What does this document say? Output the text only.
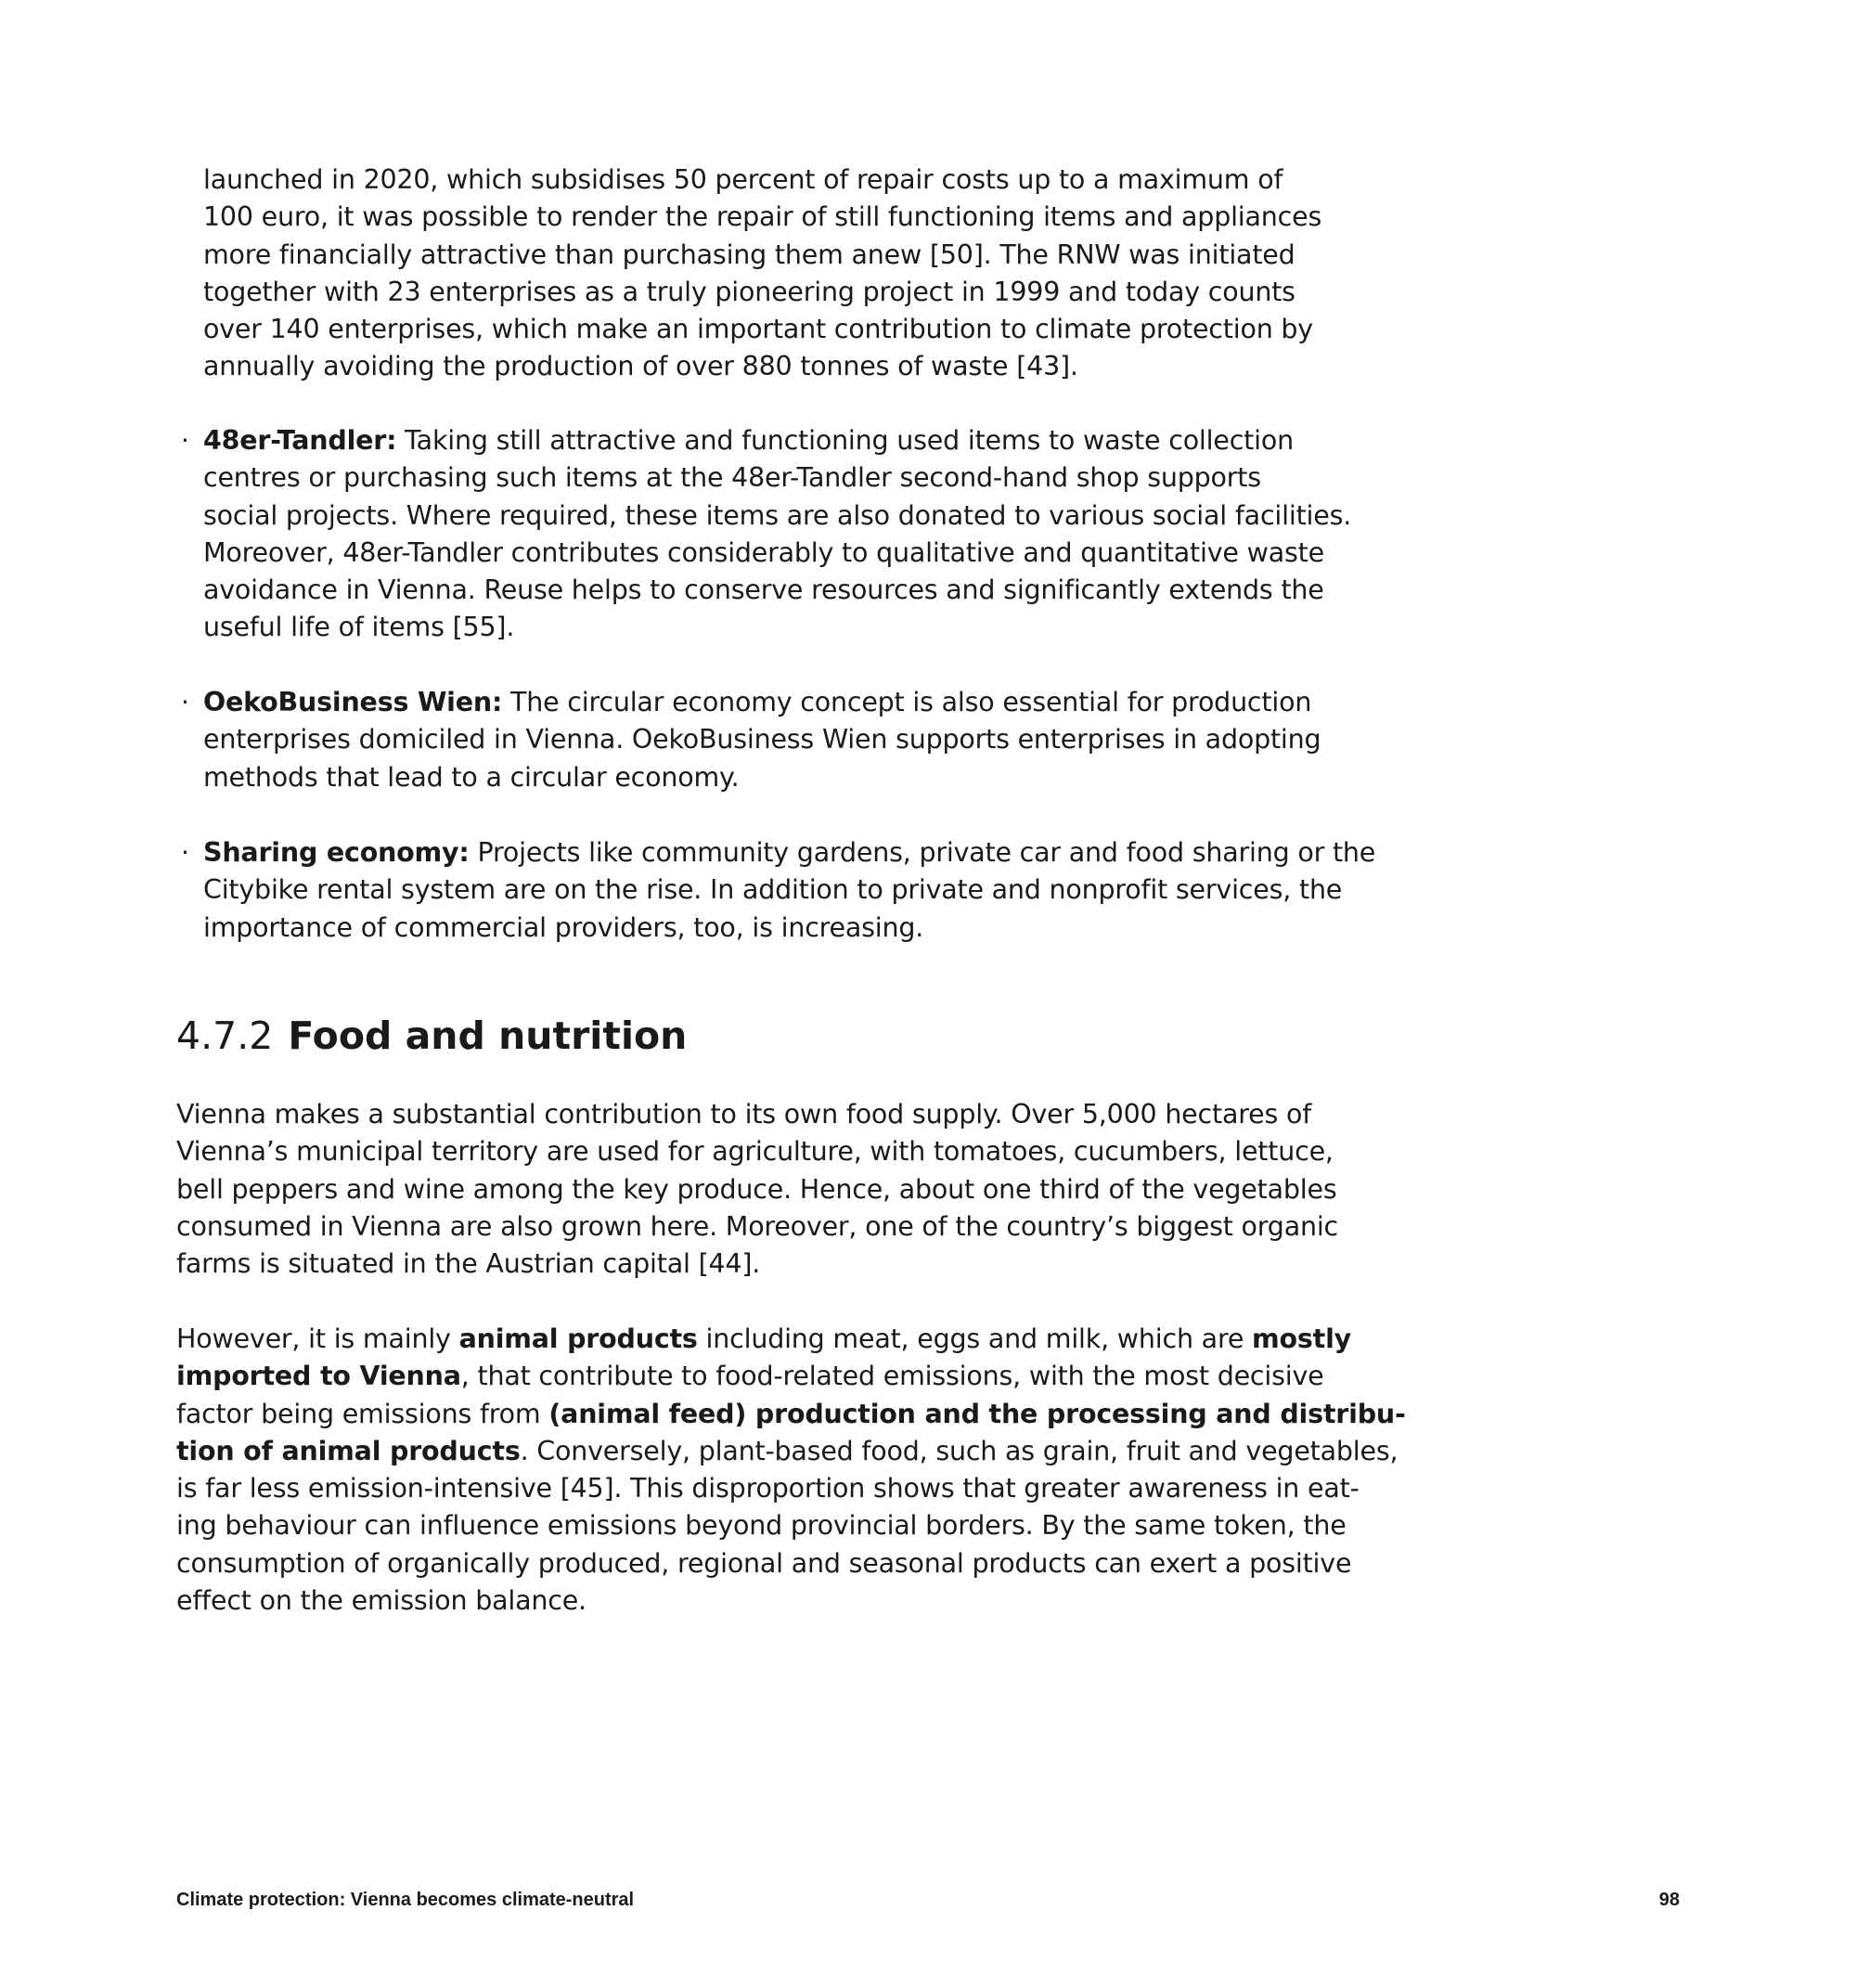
launched in 2020, which subsidises 50 percent of repair costs up to a maximum of
100 euro, it was possible to render the repair of still functioning items and appliances
more financially attractive than purchasing them anew [50]. The RNW was initiated
together with 23 enterprises as a truly pioneering project in 1999 and today counts
over 140 enterprises, which make an important contribution to climate protection by
annually avoiding the production of over 880 tonnes of waste [43].
· 48er-Tandler: Taking still attractive and functioning used items to waste collection
centres or purchasing such items at the 48er-Tandler second-hand shop supports
social projects. Where required, these items are also donated to various social facilities.
Moreover, 48er-Tandler contributes considerably to qualitative and quantitative waste
avoidance in Vienna. Reuse helps to conserve resources and significantly extends the
useful life of items [55].
· OekoBusiness Wien: The circular economy concept is also essential for production
enterprises domiciled in Vienna. OekoBusiness Wien supports enterprises in adopting
methods that lead to a circular economy.
· Sharing economy: Projects like community gardens, private car and food sharing or the
Citybike rental system are on the rise. In addition to private and nonprofit services, the
importance of commercial providers, too, is increasing.
4.7.2 Food and nutrition
Vienna makes a substantial contribution to its own food supply. Over 5,000 hectares of
Vienna’s municipal territory are used for agriculture, with tomatoes, cucumbers, lettuce,
bell peppers and wine among the key produce. Hence, about one third of the vegetables
consumed in Vienna are also grown here. Moreover, one of the country’s biggest organic
farms is situated in the Austrian capital [44].
However, it is mainly animal products including meat, eggs and milk, which are mostly
imported to Vienna, that contribute to food-related emissions, with the most decisive
factor being emissions from (animal feed) production and the processing and distribu-
tion of animal products. Conversely, plant-based food, such as grain, fruit and vegetables,
is far less emission-intensive [45]. This disproportion shows that greater awareness in eat-
ing behaviour can influence emissions beyond provincial borders. By the same token, the
consumption of organically produced, regional and seasonal products can exert a positive
effect on the emission balance.
Climate protection: Vienna becomes climate-neutral	98
